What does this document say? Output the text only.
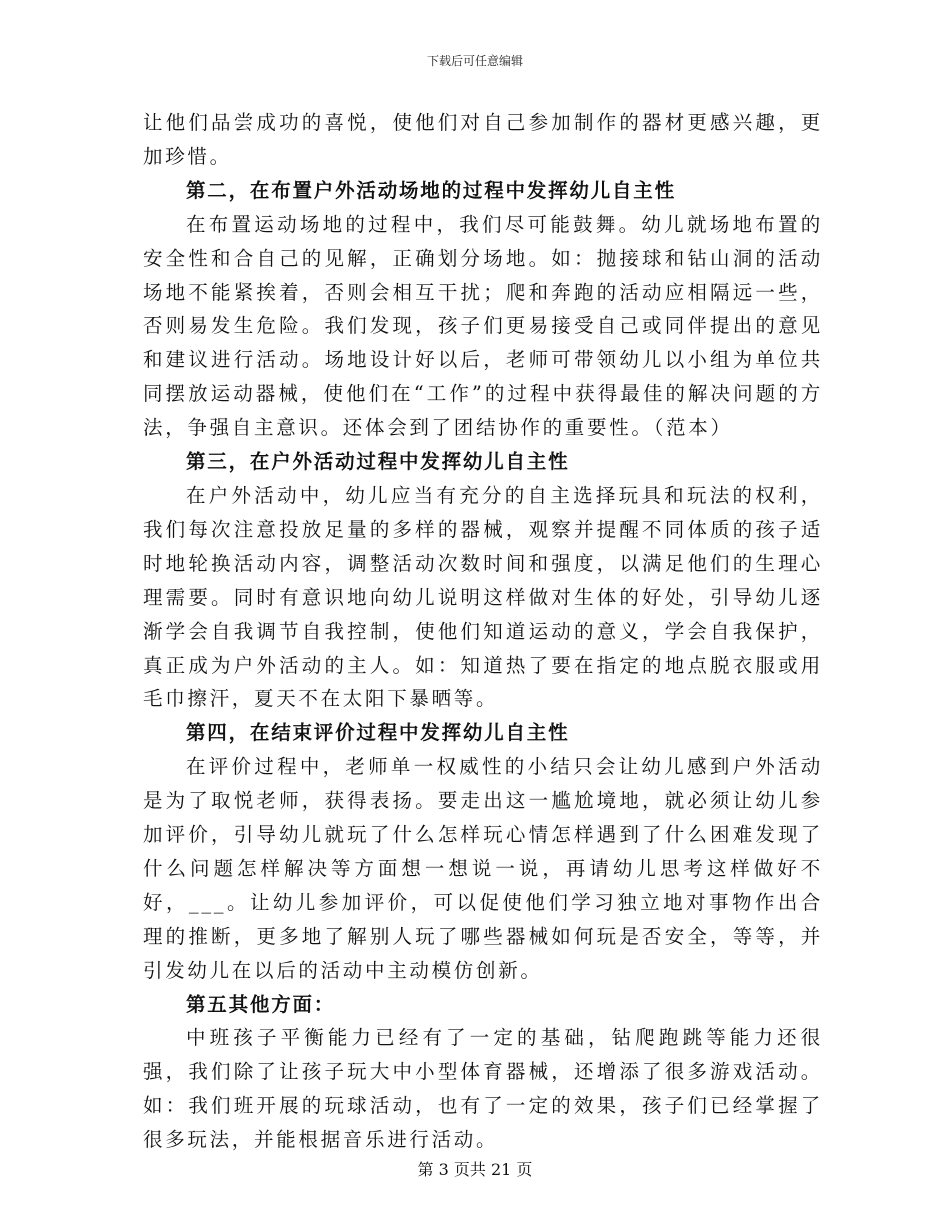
下载后可任意编辑

让他们品尝成功的喜悦，使他们对自己参加制作的器材更感兴趣，更加珍惜。

第二，在布置户外活动场地的过程中发挥幼儿自主性

在布置运动场地的过程中，我们尽可能鼓舞。幼儿就场地布置的安全性和合自己的见解，正确划分场地。如：抛接球和钻山洞的活动场地不能紧挨着，否则会相互干扰；爬和奔跑的活动应相隔远一些，否则易发生危险。我们发现，孩子们更易接受自己或同伴提出的意见和建议进行活动。场地设计好以后，老师可带领幼儿以小组为单位共同摆放运动器械，使他们在“工作”的过程中获得最佳的解决问题的方法，争强自主意识。还体会到了团结协作的重要性。（范本）

第三，在户外活动过程中发挥幼儿自主性

在户外活动中，幼儿应当有充分的自主选择玩具和玩法的权利，我们每次注意投放足量的多样的器械，观察并提醒不同体质的孩子适时地轮换活动内容，调整活动次数时间和强度，以满足他们的生理心理需要。同时有意识地向幼儿说明这样做对生体的好处，引导幼儿逐渐学会自我调节自我控制，使他们知道运动的意义，学会自我保护，真正成为户外活动的主人。如：知道热了要在指定的地点脱衣服或用毛巾擦汗，夏天不在太阳下暴晒等。

第四，在结束评价过程中发挥幼儿自主性

在评价过程中，老师单一权威性的小结只会让幼儿感到户外活动是为了取悦老师，获得表扬。要走出这一尴尬境地，就必须让幼儿参加评价，引导幼儿就玩了什么怎样玩心情怎样遇到了什么困难发现了什么问题怎样解决等方面想一想说一说，再请幼儿思考这样做好不好，___。让幼儿参加评价，可以促使他们学习独立地对事物作出合理的推断，更多地了解别人玩了哪些器械如何玩是否安全，等等，并引发幼儿在以后的活动中主动模仿创新。

第五其他方面：

中班孩子平衡能力已经有了一定的基础，钻爬跑跳等能力还很强，我们除了让孩子玩大中小型体育器械，还增添了很多游戏活动。如：我们班开展的玩球活动，也有了一定的效果，孩子们已经掌握了很多玩法，并能根据音乐进行活动。

第 3 页共 21 页
